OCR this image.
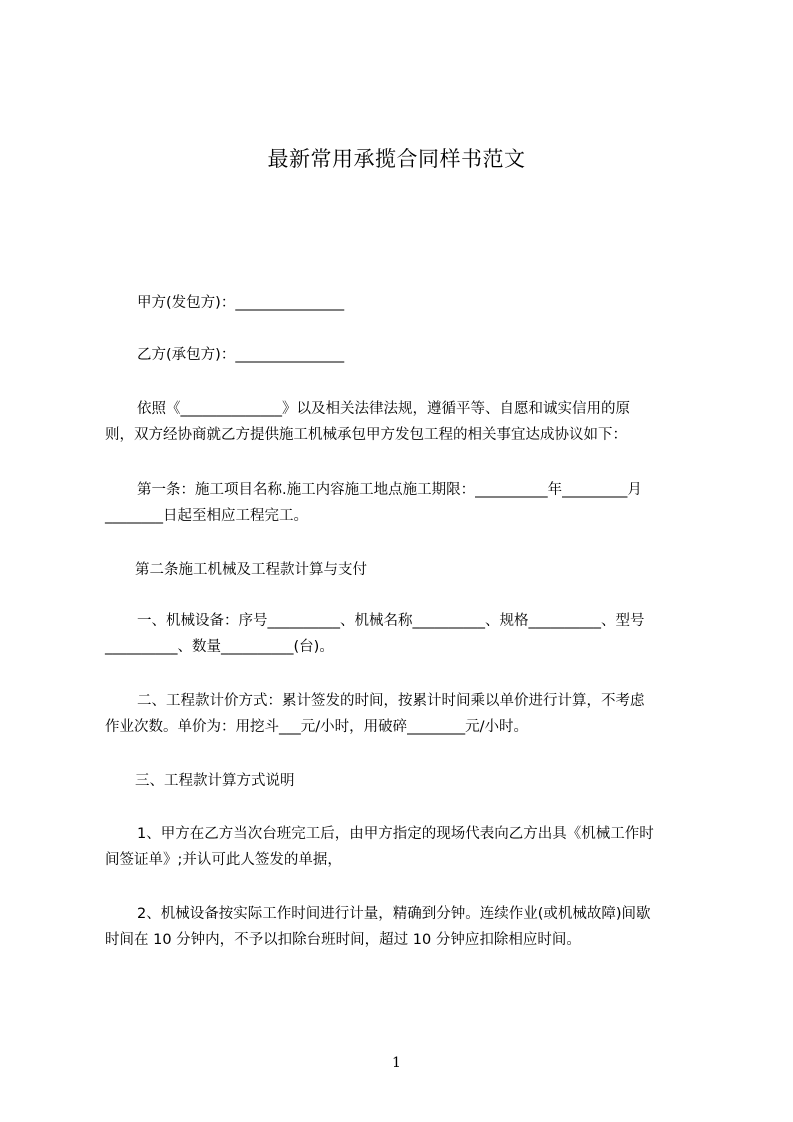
最新常用承揽合同样书范文
甲方(发包方)：_______________
乙方(承包方)：_______________
依照《______________》以及相关法律法规，遵循平等、自愿和诚实信用的原
则，双方经协商就乙方提供施工机械承包甲方发包工程的相关事宜达成协议如下：
第一条：施工项目名称.施工内容施工地点施工期限：__________年_________月
________日起至相应工程完工。
第二条施工机械及工程款计算与支付
一、机械设备：序号__________、机械名称__________、规格__________、型号
__________、数量__________(台)。
二、工程款计价方式：累计签发的时间，按累计时间乘以单价进行计算，不考虑
作业次数。单价为：用挖斗___元/小时，用破碎________元/小时。
三、工程款计算方式说明
1、甲方在乙方当次台班完工后，由甲方指定的现场代表向乙方出具《机械工作时
间签证单》;并认可此人签发的单据，
2、机械设备按实际工作时间进行计量，精确到分钟。连续作业(或机械故障)间歇
时间在 10 分钟内，不予以扣除台班时间，超过 10 分钟应扣除相应时间。
1
